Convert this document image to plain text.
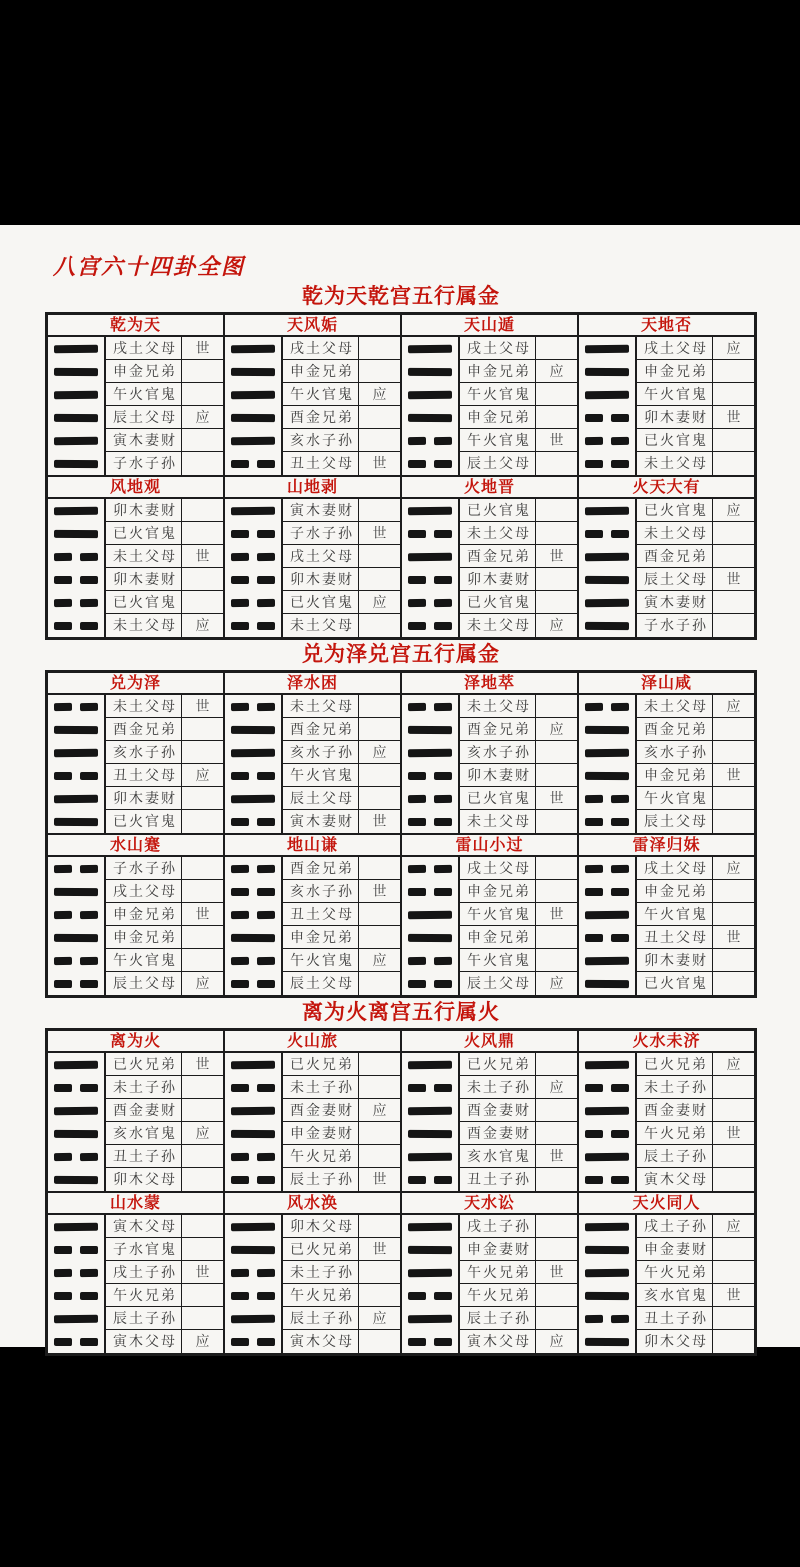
八宫六十四卦全图
乾为天乾宫五行属金
乾为天
戌土父母	世
申金兄弟
午火官鬼
辰土父母	应
寅木妻财
子水子孙
天风姤
戌土父母
申金兄弟
午火官鬼	应
酉金兄弟
亥水子孙
丑土父母	世
天山遁
戌土父母
申金兄弟	应
午火官鬼
申金兄弟
午火官鬼	世
辰土父母
天地否
戌土父母	应
申金兄弟
午火官鬼
卯木妻财	世
已火官鬼
未土父母
风地观
卯木妻财
已火官鬼
未土父母	世
卯木妻财
已火官鬼
未土父母	应
山地剥
寅木妻财
子水子孙	世
戌土父母
卯木妻财
已火官鬼	应
未土父母
火地晋
已火官鬼
未土父母
酉金兄弟	世
卯木妻财
已火官鬼
未土父母	应
火天大有
已火官鬼	应
未土父母
酉金兄弟
辰土父母	世
寅木妻财
子水子孙
兑为泽兑宫五行属金
兑为泽
未土父母	世
酉金兄弟
亥水子孙
丑土父母	应
卯木妻财
已火官鬼
泽水困
未土父母
酉金兄弟
亥水子孙	应
午火官鬼
辰土父母
寅木妻财	世
泽地萃
未土父母
酉金兄弟	应
亥水子孙
卯木妻财
已火官鬼	世
未土父母
泽山咸
未土父母	应
酉金兄弟
亥水子孙
申金兄弟	世
午火官鬼
辰土父母
水山蹇
子水子孙
戌土父母
申金兄弟	世
申金兄弟
午火官鬼
辰土父母	应
地山谦
酉金兄弟
亥水子孙	世
丑土父母
申金兄弟
午火官鬼	应
辰土父母
雷山小过
戌土父母
申金兄弟
午火官鬼	世
申金兄弟
午火官鬼
辰土父母	应
雷泽归妹
戌土父母	应
申金兄弟
午火官鬼
丑土父母	世
卯木妻财
已火官鬼
离为火离宫五行属火
离为火
已火兄弟	世
未土子孙
酉金妻财
亥水官鬼	应
丑土子孙
卯木父母
火山旅
已火兄弟
未土子孙
酉金妻财	应
申金妻财
午火兄弟
辰土子孙	世
火风鼎
已火兄弟
未土子孙	应
酉金妻财
酉金妻财
亥水官鬼	世
丑土子孙
火水未济
已火兄弟	应
未土子孙
酉金妻财
午火兄弟	世
辰土子孙
寅木父母
山水蒙
寅木父母
子水官鬼
戌土子孙	世
午火兄弟
辰土子孙
寅木父母	应
风水涣
卯木父母
已火兄弟	世
未土子孙
午火兄弟
辰土子孙	应
寅木父母
天水讼
戌土子孙
申金妻财
午火兄弟	世
午火兄弟
辰土子孙
寅木父母	应
天火同人
戌土子孙	应
申金妻财
午火兄弟
亥水官鬼	世
丑土子孙
卯木父母
